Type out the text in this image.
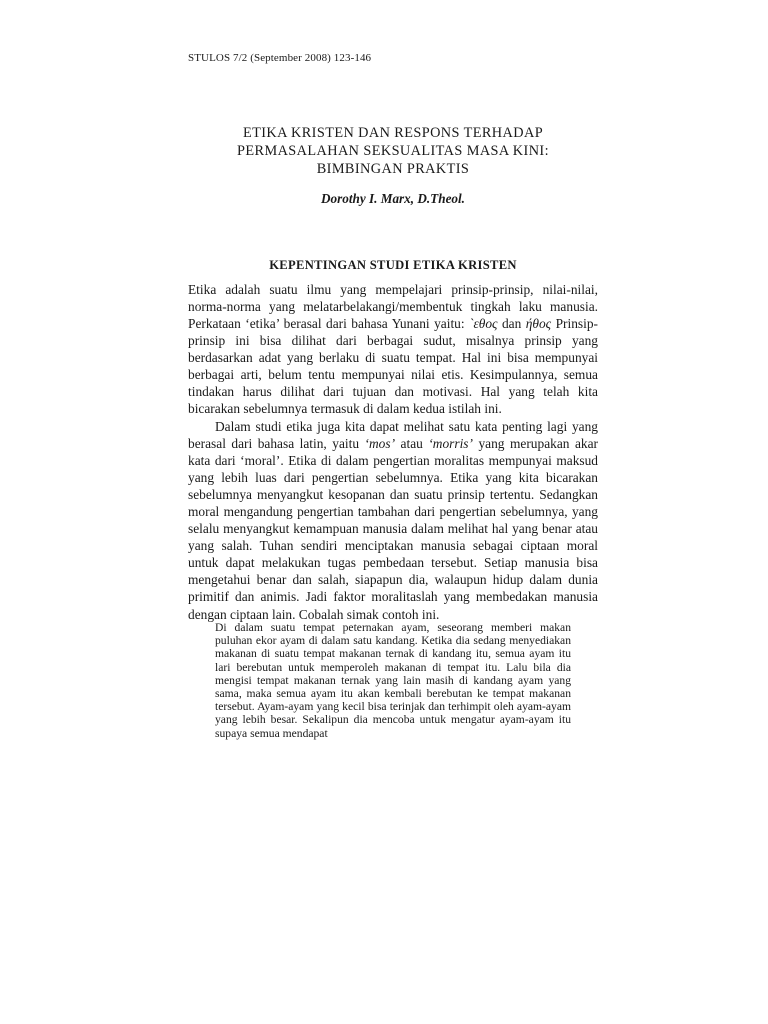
STULOS 7/2 (September 2008) 123-146
ETIKA KRISTEN DAN RESPONS TERHADAP
PERMASALAHAN SEKSUALITAS MASA KINI:
BIMBINGAN PRAKTIS
Dorothy I. Marx, D.Theol.
KEPENTINGAN STUDI ETIKA KRISTEN

Etika adalah suatu ilmu yang mempelajari prinsip-prinsip, nilai-nilai, norma-norma yang melatarbelakangi/membentuk tingkah laku manusia. Perkataan ‘etika’ berasal dari bahasa Yunani yaitu: `εθος dan ήθος Prinsip-prinsip ini bisa dilihat dari berbagai sudut, misalnya prinsip yang berdasarkan adat yang berlaku di suatu tempat. Hal ini bisa mempunyai berbagai arti, belum tentu mempunyai nilai etis. Kesimpulannya, semua tindakan harus dilihat dari tujuan dan motivasi. Hal yang telah kita bicarakan sebelumnya termasuk di dalam kedua istilah ini.

Dalam studi etika juga kita dapat melihat satu kata penting lagi yang berasal dari bahasa latin, yaitu ‘mos’ atau ‘morris’ yang merupakan akar kata dari ‘moral’. Etika di dalam pengertian moralitas mempunyai maksud yang lebih luas dari pengertian sebelumnya. Etika yang kita bicarakan sebelumnya menyangkut kesopanan dan suatu prinsip tertentu. Sedangkan moral mengandung pengertian tambahan dari pengertian sebelumnya, yang selalu menyangkut kemampuan manusia dalam melihat hal yang benar atau yang salah. Tuhan sendiri menciptakan manusia sebagai ciptaan moral untuk dapat melakukan tugas pembedaan tersebut. Setiap manusia bisa mengetahui benar dan salah, siapapun dia, walaupun hidup dalam dunia primitif dan animis. Jadi faktor moralitaslah yang membedakan manusia dengan ciptaan lain. Cobalah simak contoh ini.

Di dalam suatu tempat peternakan ayam, seseorang memberi makan puluhan ekor ayam di dalam satu kandang. Ketika dia sedang menyediakan makanan di suatu tempat makanan ternak di kandang itu, semua ayam itu lari berebutan untuk memperoleh makanan di tempat itu. Lalu bila dia mengisi tempat makanan ternak yang lain masih di kandang ayam yang sama, maka semua ayam itu akan kembali berebutan ke tempat makanan tersebut. Ayam-ayam yang kecil bisa terinjak dan terhimpit oleh ayam-ayam yang lebih besar. Sekalipun dia mencoba untuk mengatur ayam-ayam itu supaya semua mendapat
